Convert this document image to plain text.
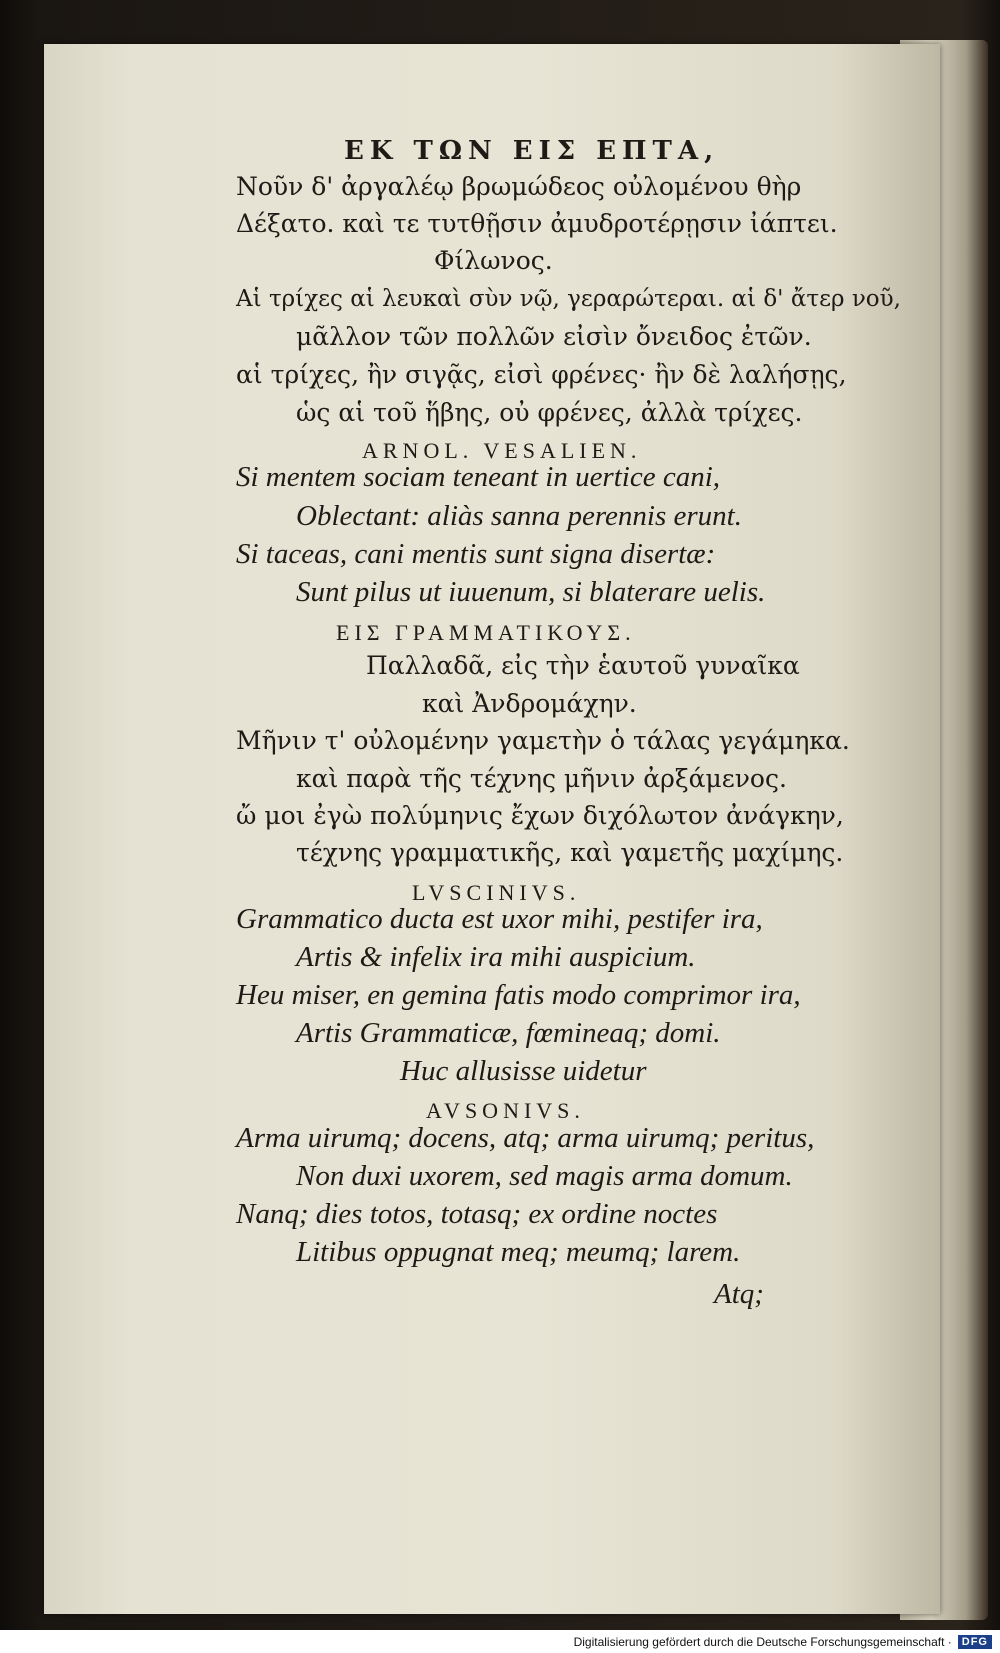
ΕΚ ΤΩΝ ΕΙΣ ΕΠΤΑ,
Νοῦν δ' ἀργαλέῳ βρωμώδεος οὐλομένου θὴρ
Δέξατο. καὶ τε τυτθῇσιν ἀμυδροτέρῃσιν ἰάπτει.
Φίλωνος.
Αἱ τρίχες αἱ λευκαὶ σὺν νῷ, γεραρώτεραι. αἱ δ' ἄτερ νοῦ,
μᾶλλον τῶν πολλῶν εἰσὶν ὄνειδος ἐτῶν.
αἱ τρίχες, ἢν σιγᾷς, εἰσὶ φρένες· ἢν δὲ λαλήσῃς,
ὡς αἱ τοῦ ἥβης, οὐ φρένες, ἀλλὰ τρίχες.
ARNOL. VESALIEN.
Si mentem sociam teneant in uertice cani,
Oblectant: aliàs sanna perennis erunt.
Si taceas, cani mentis sunt signa disertæ:
Sunt pilus ut iuuenum, si blaterare uelis.
ΕΙΣ ΓΡΑΜΜΑΤΙΚΟΥΣ.
Παλλαδᾶ, εἰς τὴν ἑαυτοῦ γυναῖκα
καὶ Ἀνδρομάχην.
Μῆνιν τ' οὐλομένην γαμετὴν ὁ τάλας γεγάμηκα.
καὶ παρὰ τῆς τέχνης μῆνιν ἀρξάμενος.
ὤ μοι ἐγὼ πολύμηνις ἔχων διχόλωτον ἀνάγκην,
τέχνης γραμματικῆς, καὶ γαμετῆς μαχίμης.
LVSCINIVS.
Grammatico ducta est uxor mihi, pestifer ira,
Artis & infelix ira mihi auspicium.
Heu miser, en gemina fatis modo comprimor ira,
Artis Grammaticæ, fœmineaq; domi.
Huc allusisse uidetur
AVSONIVS.
Arma uirumq; docens, atq; arma uirumq; peritus,
Non duxi uxorem, sed magis arma domum.
Nanq; dies totos, totasq; ex ordine noctes
Litibus oppugnat meq; meumq; larem.
Atq;
Digitalisierung gefördert durch die Deutsche Forschungsgemeinschaft · DFG
